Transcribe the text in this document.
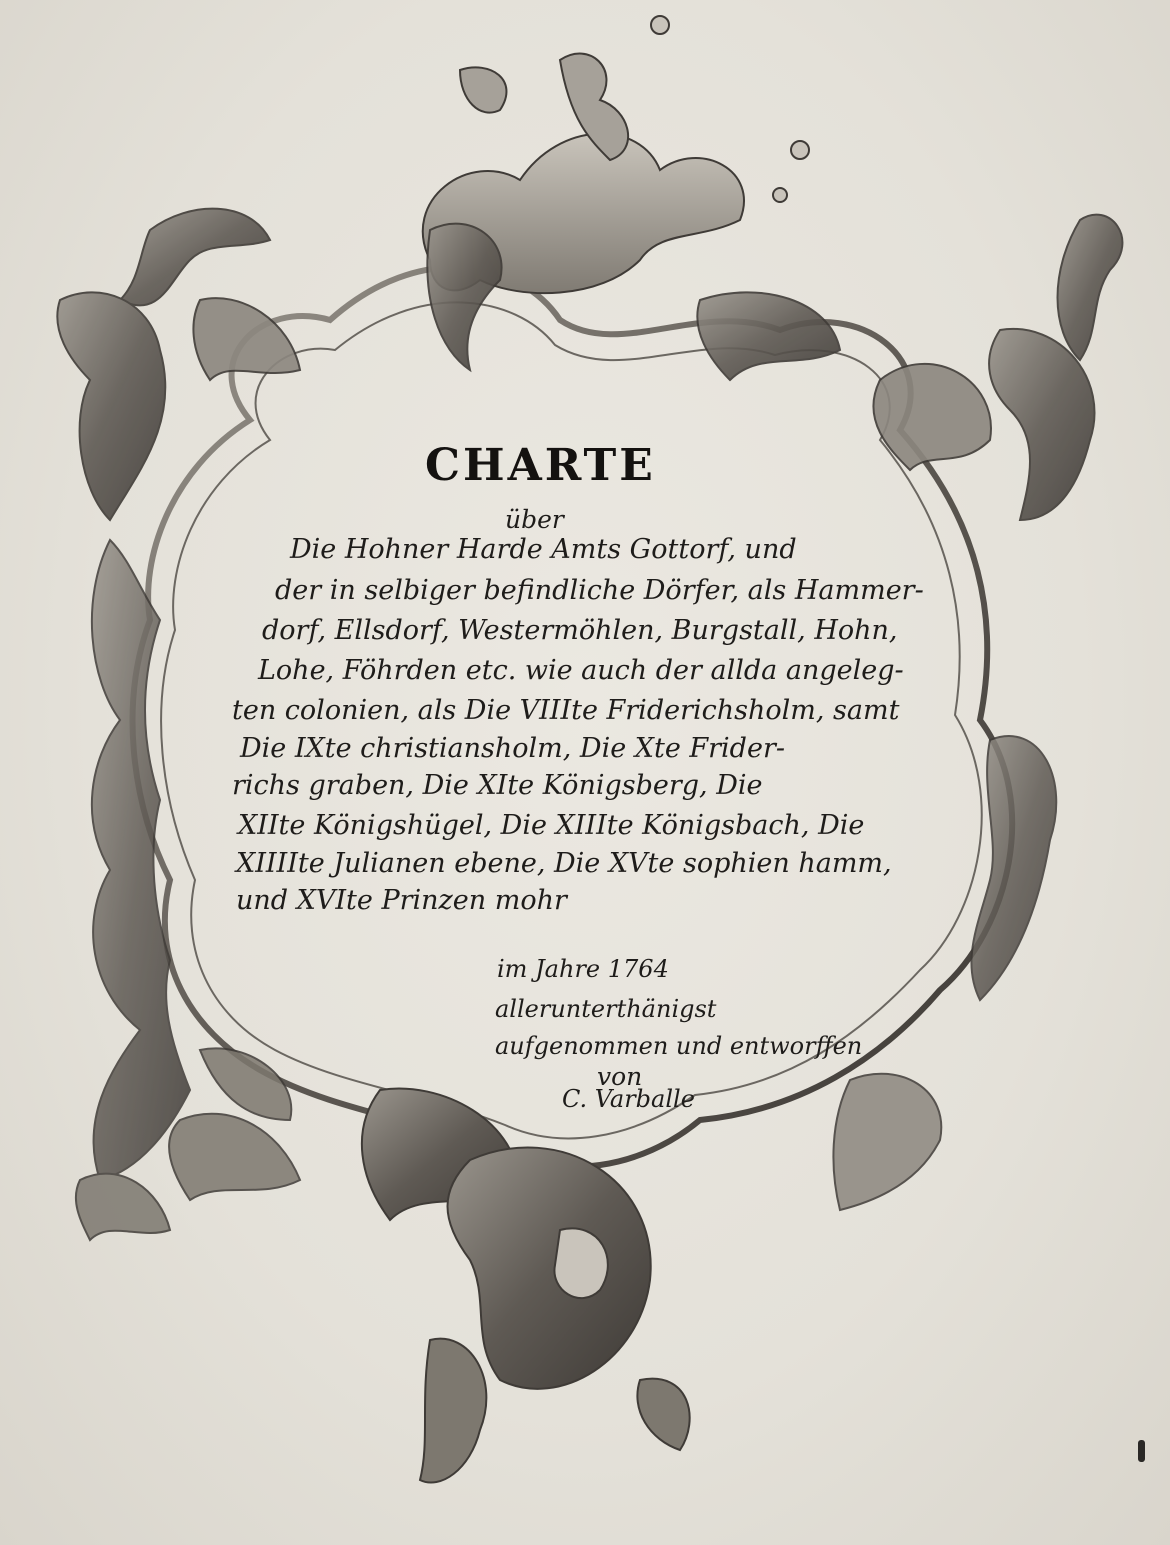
CHARTE
über
Die Hohner Harde Amts Gottorf, und
der in selbiger befindliche Dörfer, als Hammer-
dorf, Ellsdorf, Westermöhlen, Burgstall, Hohn,
Lohe, Föhrden etc. wie auch der allda angeleg-
ten colonien, als Die VIIIte Friderichsholm, samt
Die IXte christiansholm, Die Xte Frider-
richs graben, Die XIte Königsberg, Die
XIIte Königshügel, Die XIIIte Königsbach, Die
XIIIIte Julianen ebene, Die XVte sophien hamm,
und XVIte Prinzen mohr
im Jahre 1764
allerunterthänigst
aufgenommen und entworffen
von
C. Varballe
